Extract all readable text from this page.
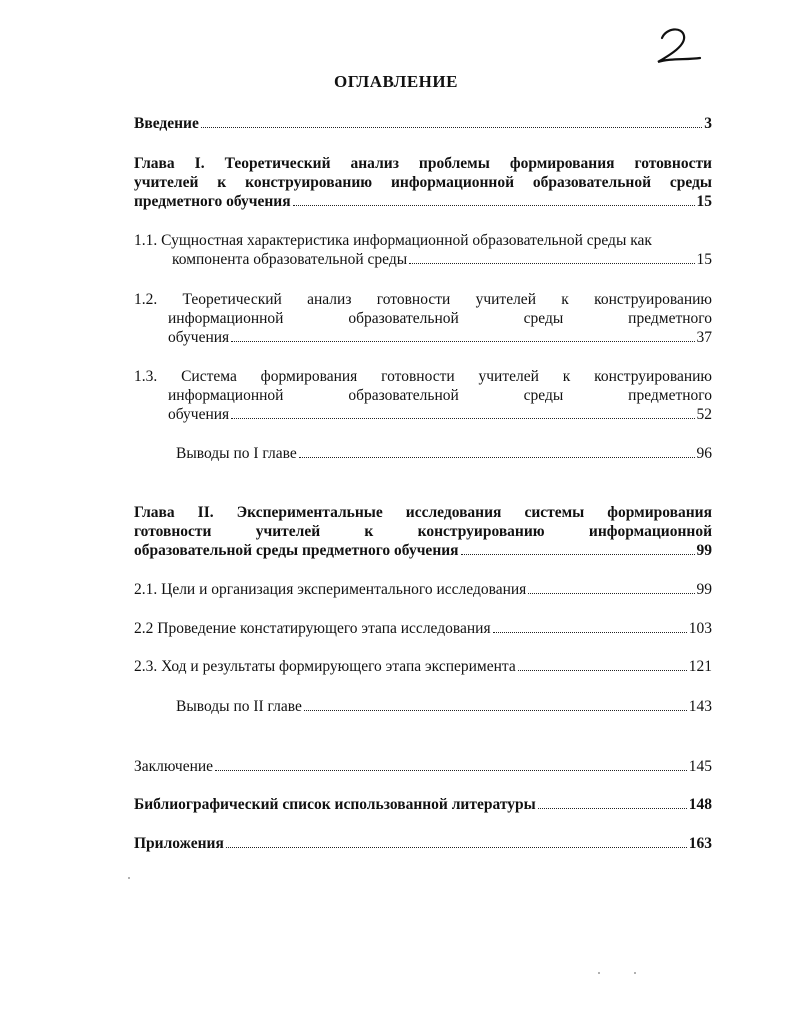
ОГЛАВЛЕНИЕ
Введение	3
Глава I. Теоретический анализ проблемы формирования готовности
учителей к конструированию информационной образовательной среды
предметного обучения	15
1.1. Сущностная характеристика информационной образовательной среды как
компонента образовательной среды	15
1.2. Теоретический анализ готовности учителей к конструированию
информационной образовательной среды предметного
обучения	37
1.3. Система формирования готовности учителей к конструированию
информационной образовательной среды предметного
обучения	52
Выводы по I главе	96
Глава II. Экспериментальные исследования системы формирования
готовности учителей к конструированию информационной
образовательной среды предметного обучения	99
2.1. Цели и организация экспериментального исследования	99
2.2 Проведение констатирующего этапа исследования	103
2.3. Ход и результаты формирующего этапа эксперимента	121
Выводы по II главе	143
Заключение	145
Библиографический список использованной литературы	148
Приложения	163
